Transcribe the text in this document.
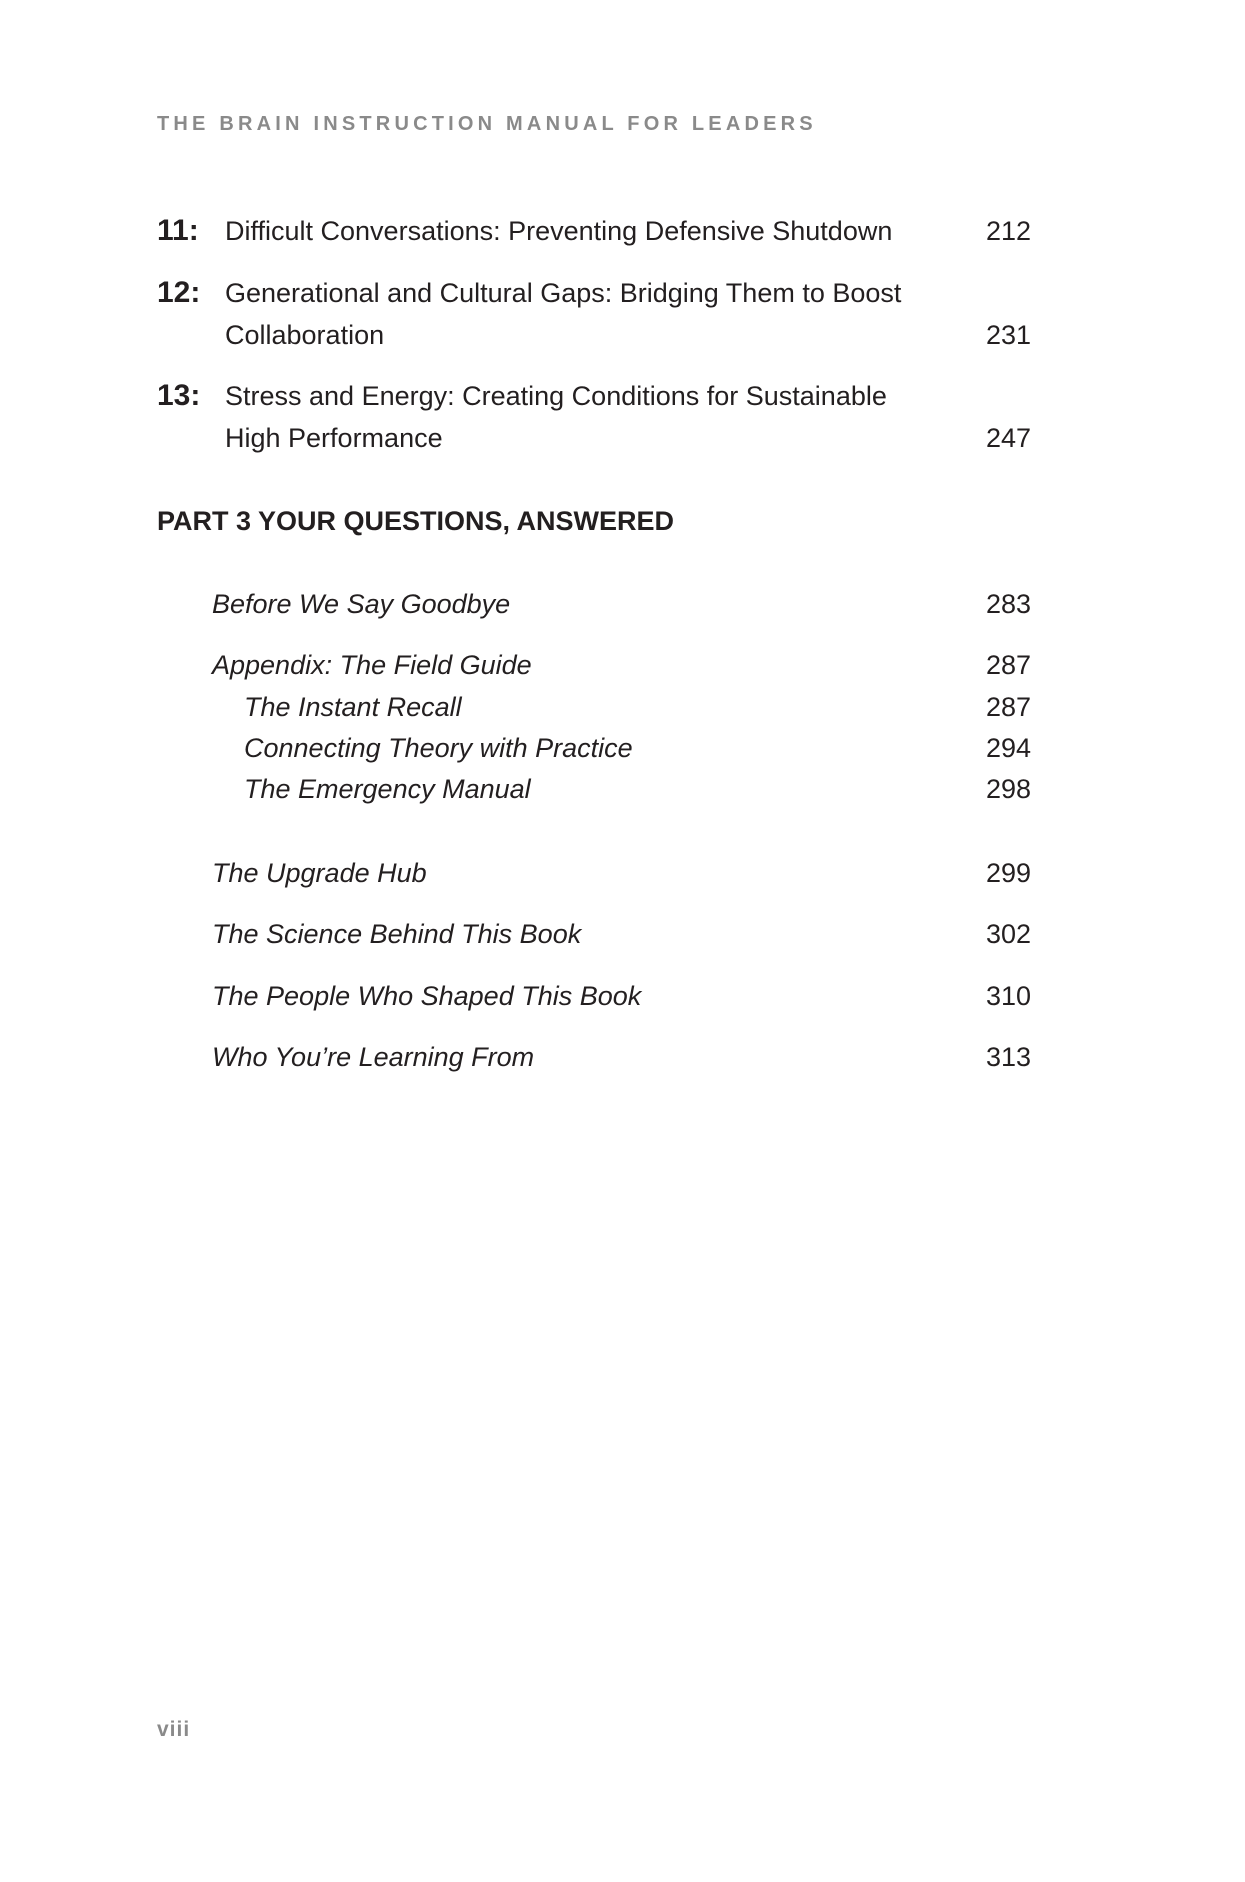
THE BRAIN INSTRUCTION MANUAL FOR LEADERS
11: Difficult Conversations: Preventing Defensive Shutdown	212
12: Generational and Cultural Gaps: Bridging Them to Boost Collaboration	231
13: Stress and Energy: Creating Conditions for Sustainable High Performance	247
PART 3 YOUR QUESTIONS, ANSWERED
Before We Say Goodbye	283
Appendix: The Field Guide	287
The Instant Recall	287
Connecting Theory with Practice	294
The Emergency Manual	298
The Upgrade Hub	299
The Science Behind This Book	302
The People Who Shaped This Book	310
Who You’re Learning From	313
viii
